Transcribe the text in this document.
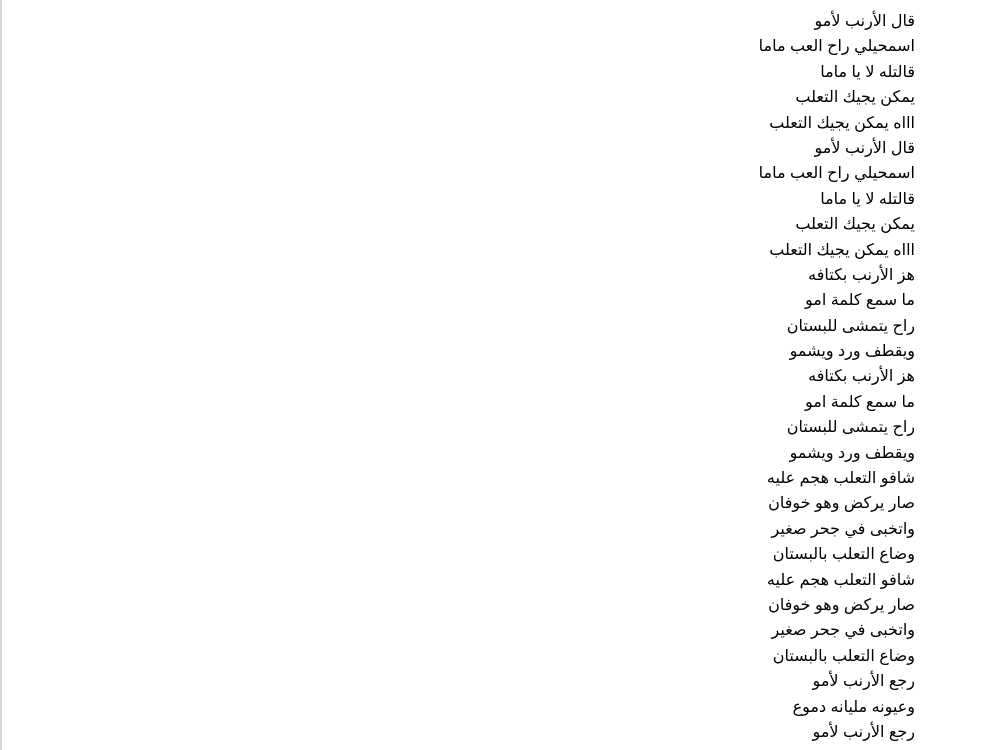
قال الأرنب لأمو
اسمحيلي راح العب ماما
قالتله لا يا ماما
يمكن يجيك التعلب
اااه يمكن يجيك التعلب
قال الأرنب لأمو
اسمحيلي راح العب ماما
قالتله لا يا ماما
يمكن يجيك التعلب
اااه يمكن يجيك التعلب
هز الأرنب بكتافه
ما سمع كلمة امو
راح يتمشى للبستان
ويقطف ورد ويشمو
هز الأرنب بكتافه
ما سمع كلمة امو
راح يتمشى للبستان
ويقطف ورد ويشمو
شافو التعلب هجم عليه
صار يركض وهو خوفان
واتخبى في جحر صغير
وضاع التعلب بالبستان
شافو التعلب هجم عليه
صار يركض وهو خوفان
واتخبى في جحر صغير
وضاع التعلب بالبستان
رجع الأرنب لأمو
وعيونه مليانه دموع
رجع الأرنب لأمو
